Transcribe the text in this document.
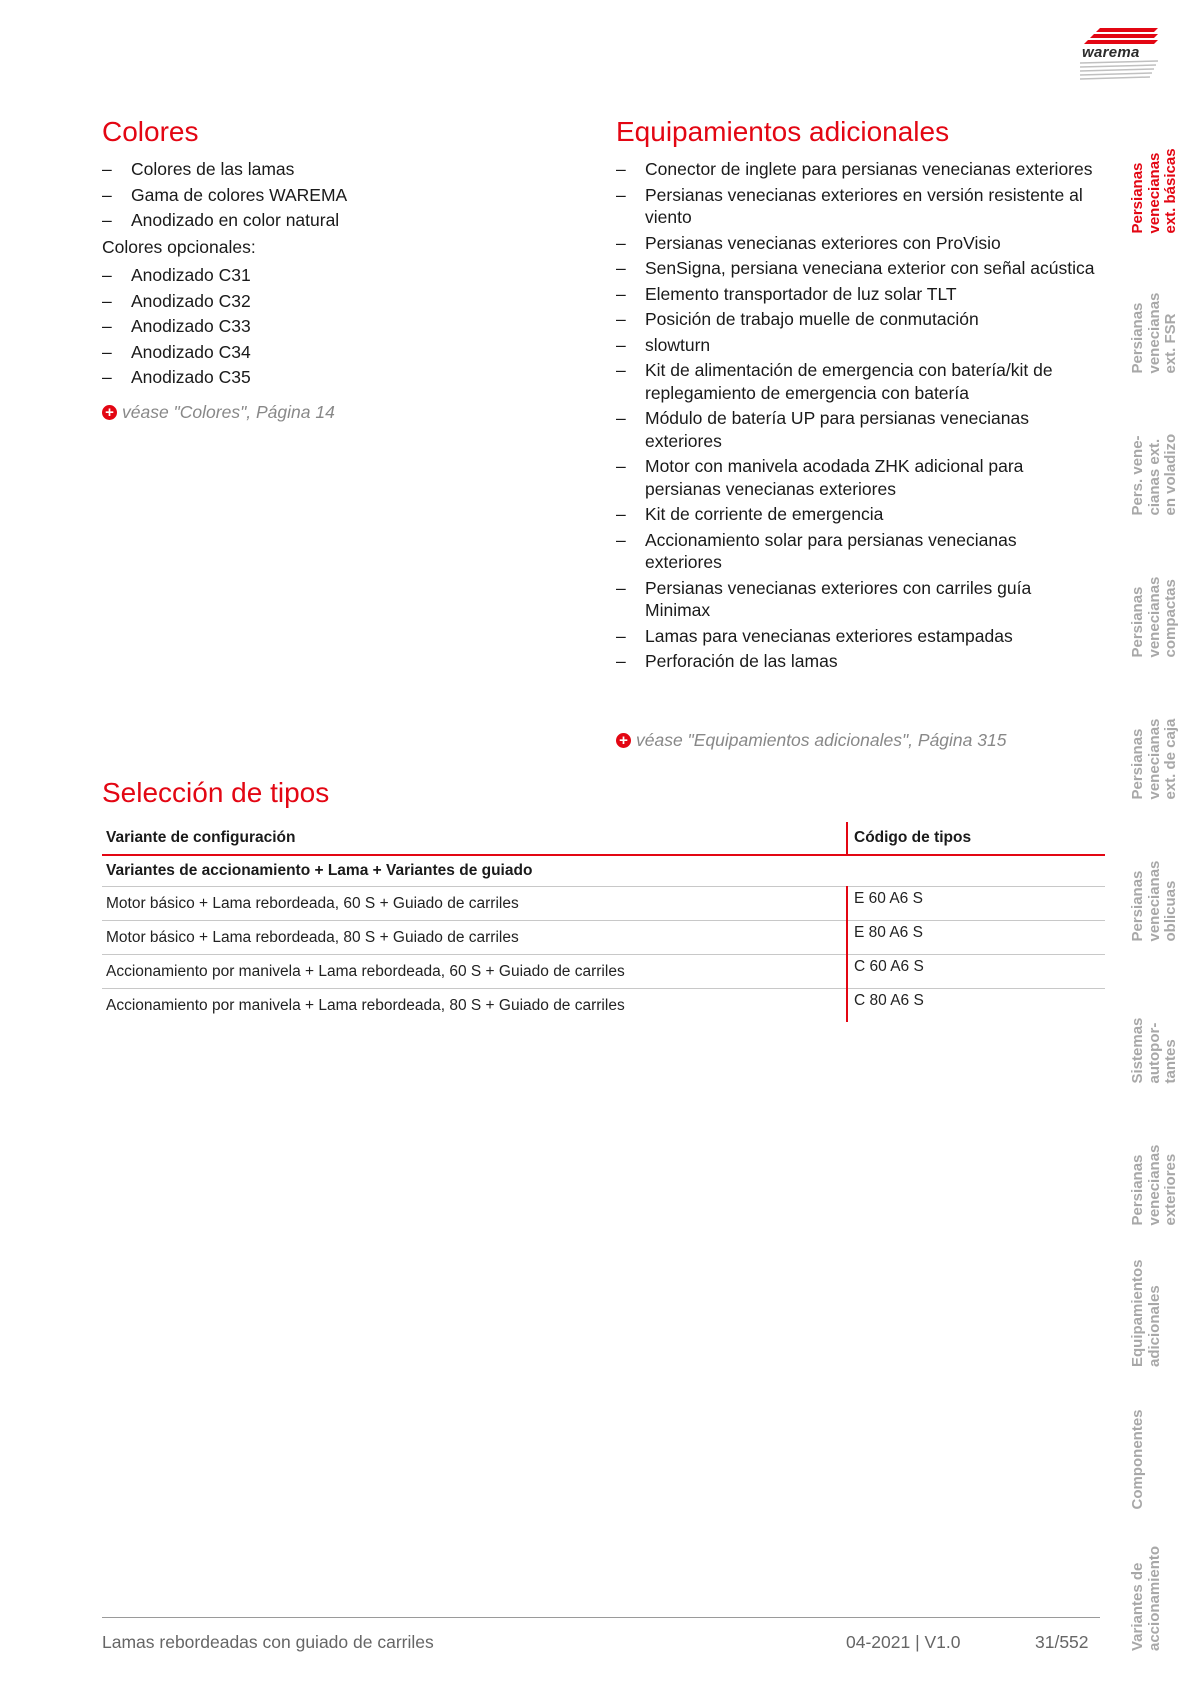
warema
Colores
– Colores de las lamas
– Gama de colores WAREMA
– Anodizado en color natural
Colores opcionales:
– Anodizado C31
– Anodizado C32
– Anodizado C33
– Anodizado C34
– Anodizado C35
+ véase "Colores", Página 14
Equipamientos adicionales
– Conector de inglete para persianas venecianas exteriores
– Persianas venecianas exteriores en versión resistente al viento
– Persianas venecianas exteriores con ProVisio
– SenSigna, persiana veneciana exterior con señal acústica
– Elemento transportador de luz solar TLT
– Posición de trabajo muelle de conmutación
– slowturn
– Kit de alimentación de emergencia con batería/kit de replegamiento de emergencia con batería
– Módulo de batería UP para persianas venecianas exteriores
– Motor con manivela acodada ZHK adicional para persianas venecianas exteriores
– Kit de corriente de emergencia
– Accionamiento solar para persianas venecianas exteriores
– Persianas venecianas exteriores con carriles guía Minimax
– Lamas para venecianas exteriores estampadas
– Perforación de las lamas
+ véase "Equipamientos adicionales", Página 315
Selección de tipos
Variante de configuración	Código de tipos
Variantes de accionamiento + Lama + Variantes de guiado	
Motor básico + Lama rebordeada, 60 S + Guiado de carriles	E 60 A6 S
Motor básico + Lama rebordeada, 80 S + Guiado de carriles	E 80 A6 S
Accionamiento por manivela + Lama rebordeada, 60 S + Guiado de carriles	C 60 A6 S
Accionamiento por manivela + Lama rebordeada, 80 S + Guiado de carriles	C 80 A6 S
Persianas
venecianas
ext. básicas
Persianas
venecianas
ext. FSR
Pers. vene-
cianas ext.
en voladizo
Persianas
venecianas
compactas
Persianas
venecianas
ext. de caja
Persianas
venecianas
oblicuas
Sistemas
autopor-
tantes
Persianas
venecianas
exteriores
Equipamientos
adicionales
Componentes
Variantes de
accionamiento
Lamas rebordeadas con guiado de carriles	04-2021 | V1.0	31/552
